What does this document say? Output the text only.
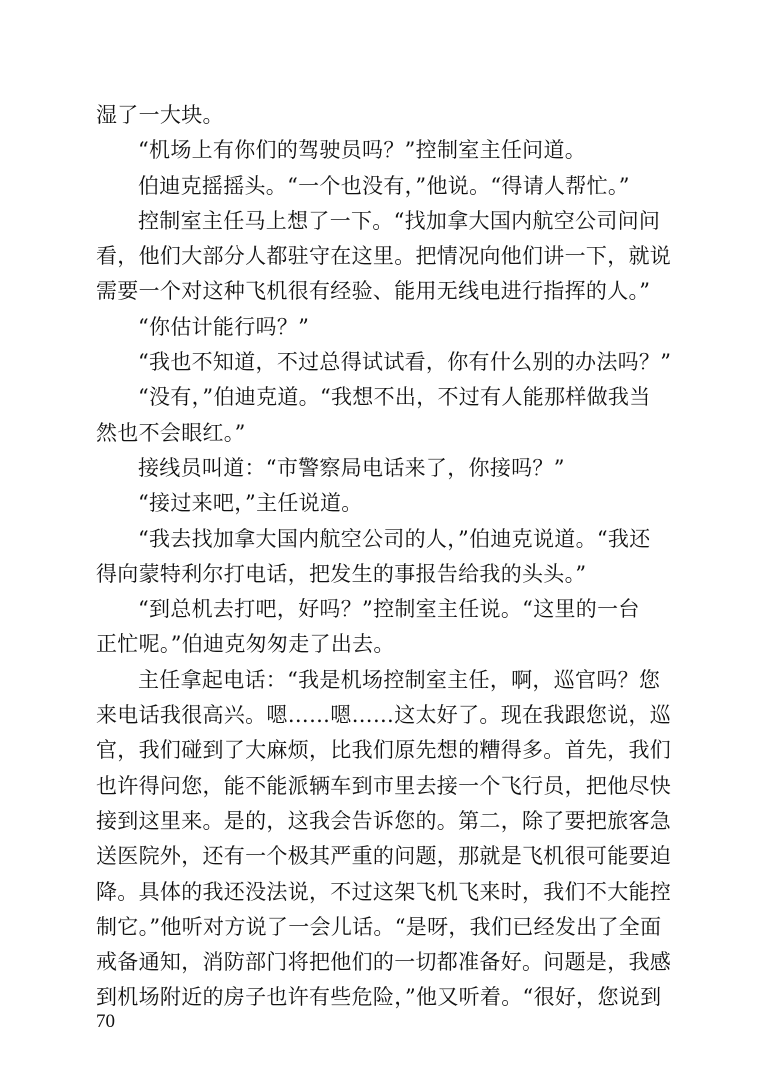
湿了一大块。
“机场上有你们的驾驶员吗？”控制室主任问道。
伯迪克摇摇头。“一个也没有，”他说。“得请人帮忙。”
控制室主任马上想了一下。“找加拿大国内航空公司问问
看，他们大部分人都驻守在这里。把情况向他们讲一下，就说
需要一个对这种飞机很有经验、能用无线电进行指挥的人。”
“你估计能行吗？”
“我也不知道，不过总得试试看，你有什么别的办法吗？”
“没有，”伯迪克道。“我想不出，不过有人能那样做我当
然也不会眼红。”
接线员叫道：“市警察局电话来了，你接吗？”
“接过来吧，”主任说道。
“我去找加拿大国内航空公司的人，”伯迪克说道。“我还
得向蒙特利尔打电话，把发生的事报告给我的头头。”
“到总机去打吧，好吗？”控制室主任说。“这里的一台
正忙呢。”伯迪克匆匆走了出去。
主任拿起电话：“我是机场控制室主任，啊，巡官吗？您
来电话我很高兴。嗯……嗯……这太好了。现在我跟您说，巡
官，我们碰到了大麻烦，比我们原先想的糟得多。首先，我们
也许得问您，能不能派辆车到市里去接一个飞行员，把他尽快
接到这里来。是的，这我会告诉您的。第二，除了要把旅客急
送医院外，还有一个极其严重的问题，那就是飞机很可能要迫
降。具体的我还没法说，不过这架飞机飞来时，我们不大能控
制它。”他听对方说了一会儿话。“是呀，我们已经发出了全面
戒备通知，消防部门将把他们的一切都准备好。问题是，我感
到机场附近的房子也许有些危险，”他又听着。“很好，您说到
70
